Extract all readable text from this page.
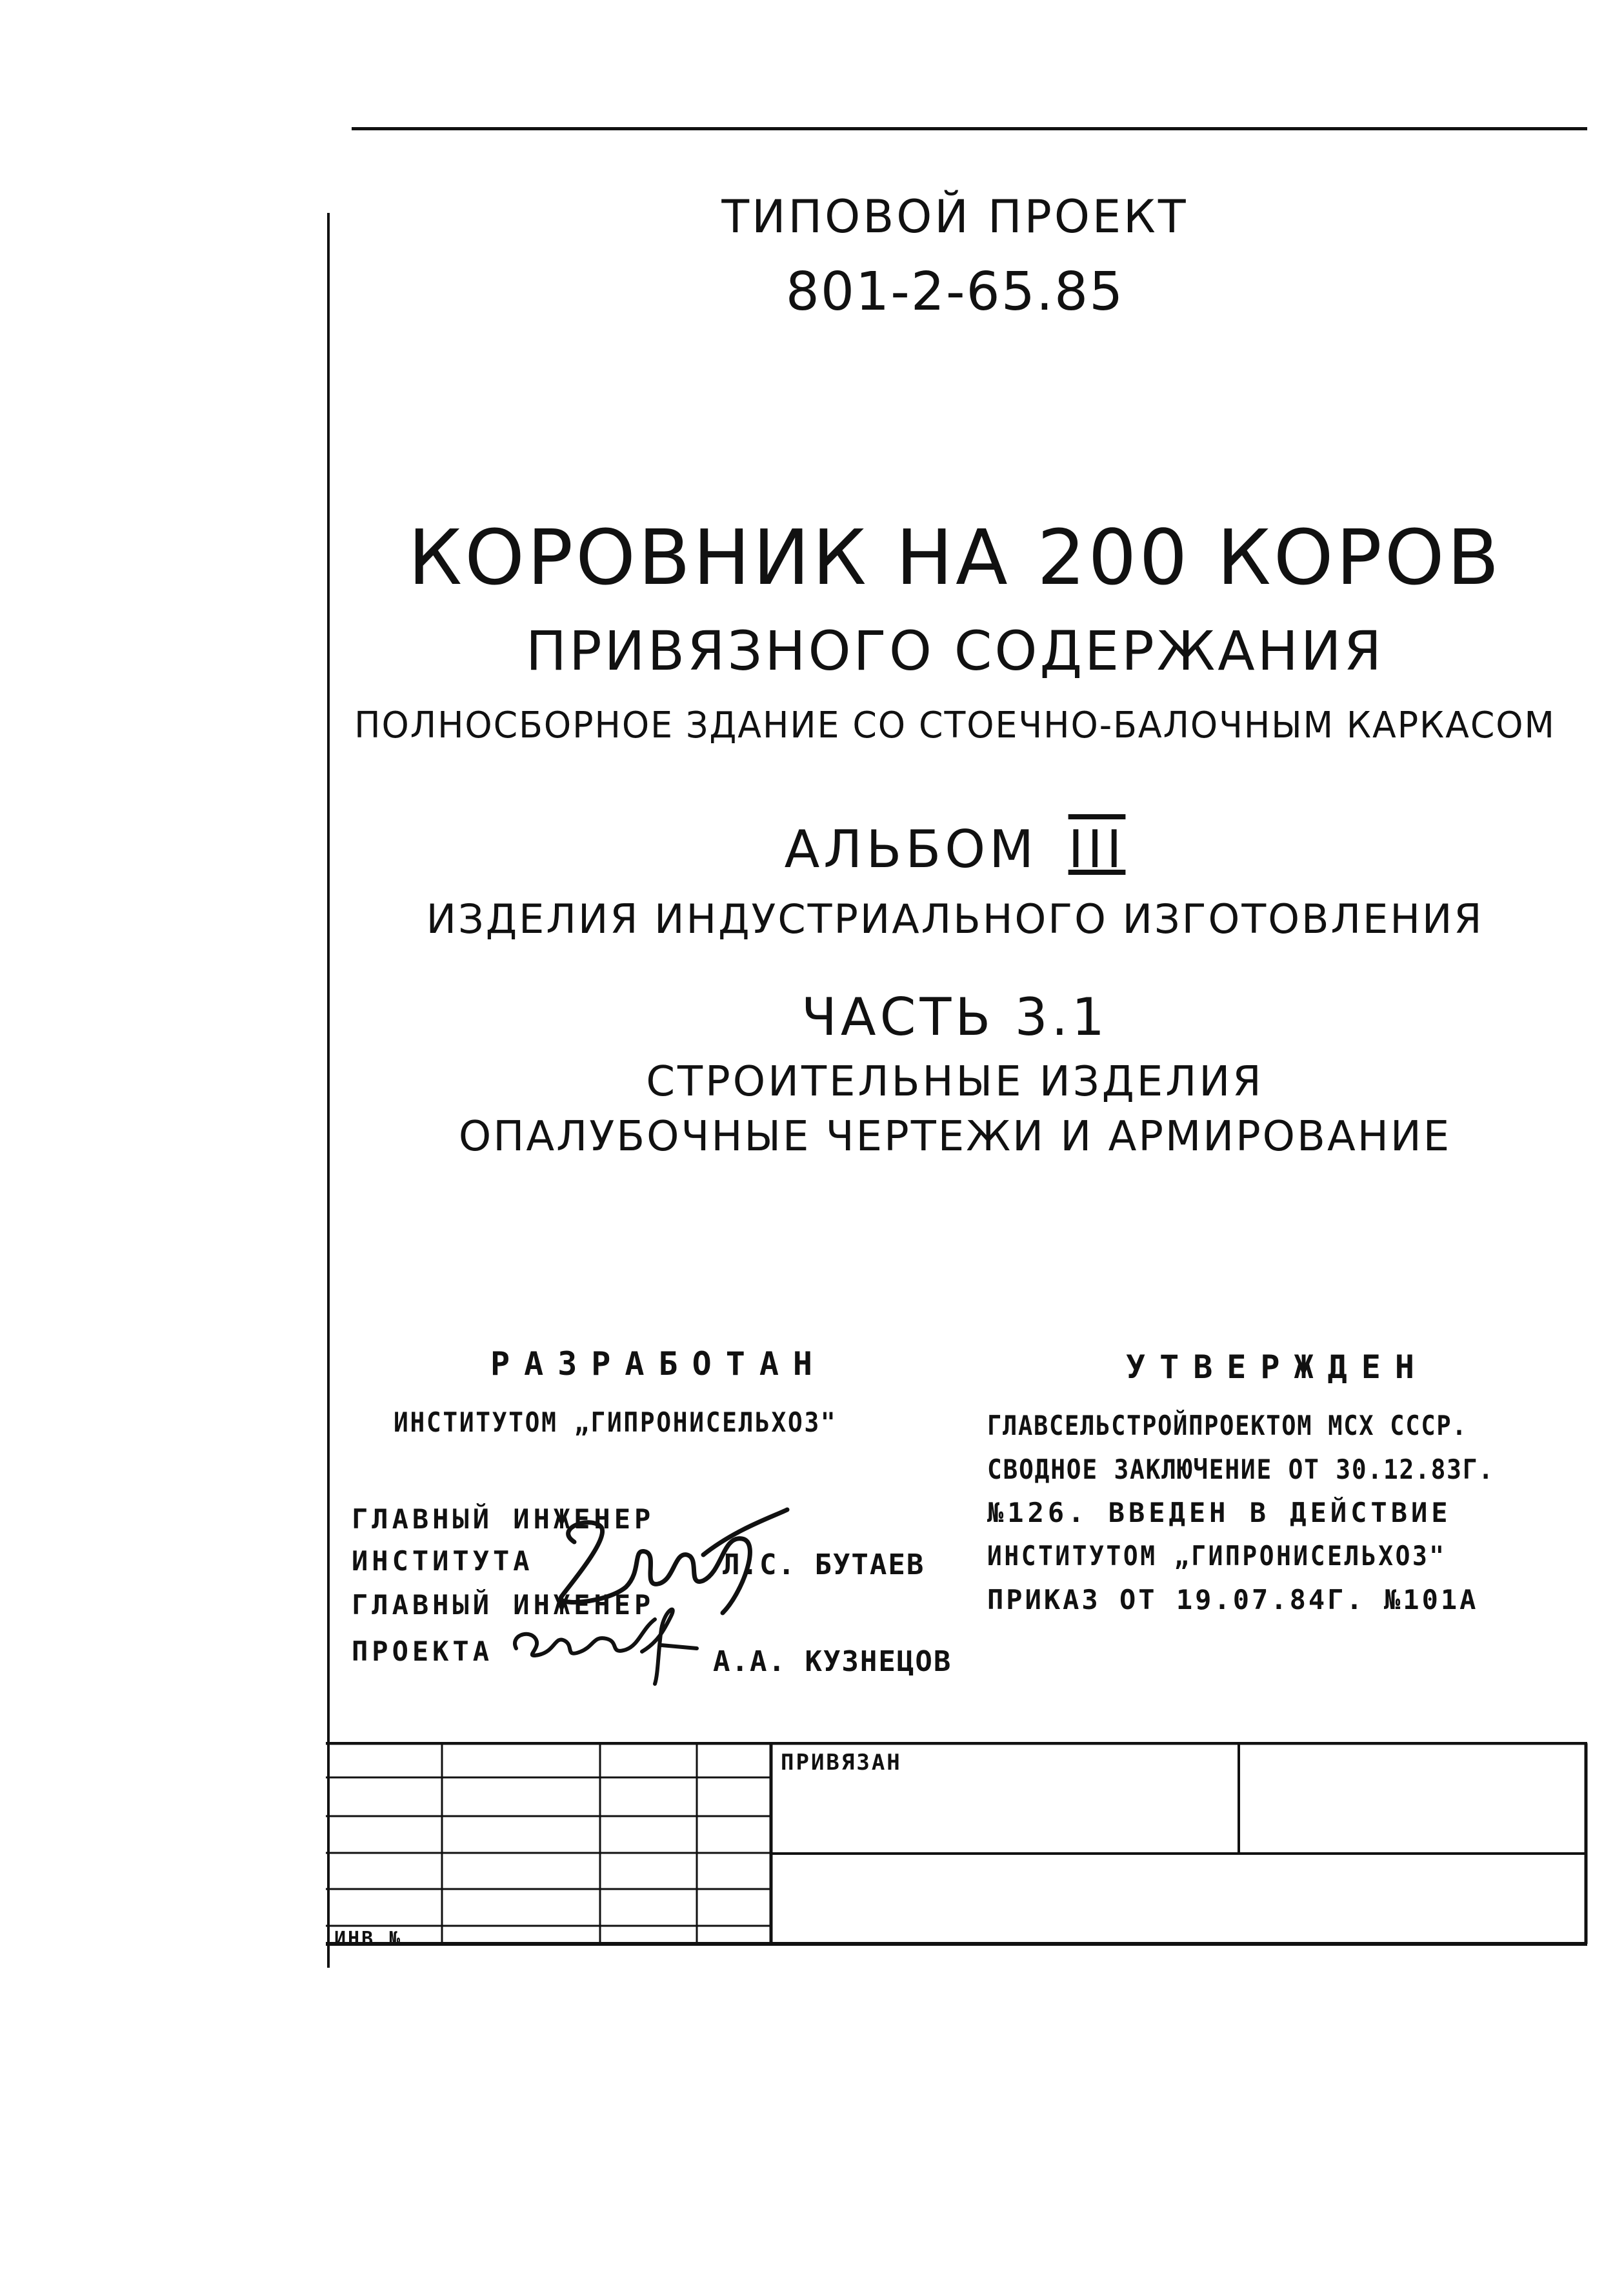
ТИПОВОЙ ПРОЕКТ
801-2-65.85
КОРОВНИК НА 200 КОРОВ
ПРИВЯЗНОГО СОДЕРЖАНИЯ
ПОЛНОСБОРНОЕ ЗДАНИЕ СО СТОЕЧНО-БАЛОЧНЫМ КАРКАСОМ
АЛЬБОМ III
ИЗДЕЛИЯ ИНДУСТРИАЛЬНОГО ИЗГОТОВЛЕНИЯ
ЧАСТЬ 3.1
СТРОИТЕЛЬНЫЕ ИЗДЕЛИЯ
ОПАЛУБОЧНЫЕ ЧЕРТЕЖИ И АРМИРОВАНИЕ
РАЗРАБОТАН
ИНСТИТУТОМ „ГИПРОНИСЕЛЬХОЗ"
ГЛАВНЫЙ ИНЖЕНЕР
ИНСТИТУТА	Л.С. БУТАЕВ
ГЛАВНЫЙ ИНЖЕНЕР
ПРОЕКТА	А.А. КУЗНЕЦОВ
УТВЕРЖДЕН
ГЛАВСЕЛЬСТРОЙПРОЕКТОМ МСХ СССР.
СВОДНОЕ ЗАКЛЮЧЕНИЕ ОТ 30.12.83Г.
№126. ВВЕДЕН В ДЕЙСТВИЕ
ИНСТИТУТОМ „ГИПРОНИСЕЛЬХОЗ"
ПРИКАЗ ОТ 19.07.84Г. №101А
ПРИВЯЗАН
ИНВ №
